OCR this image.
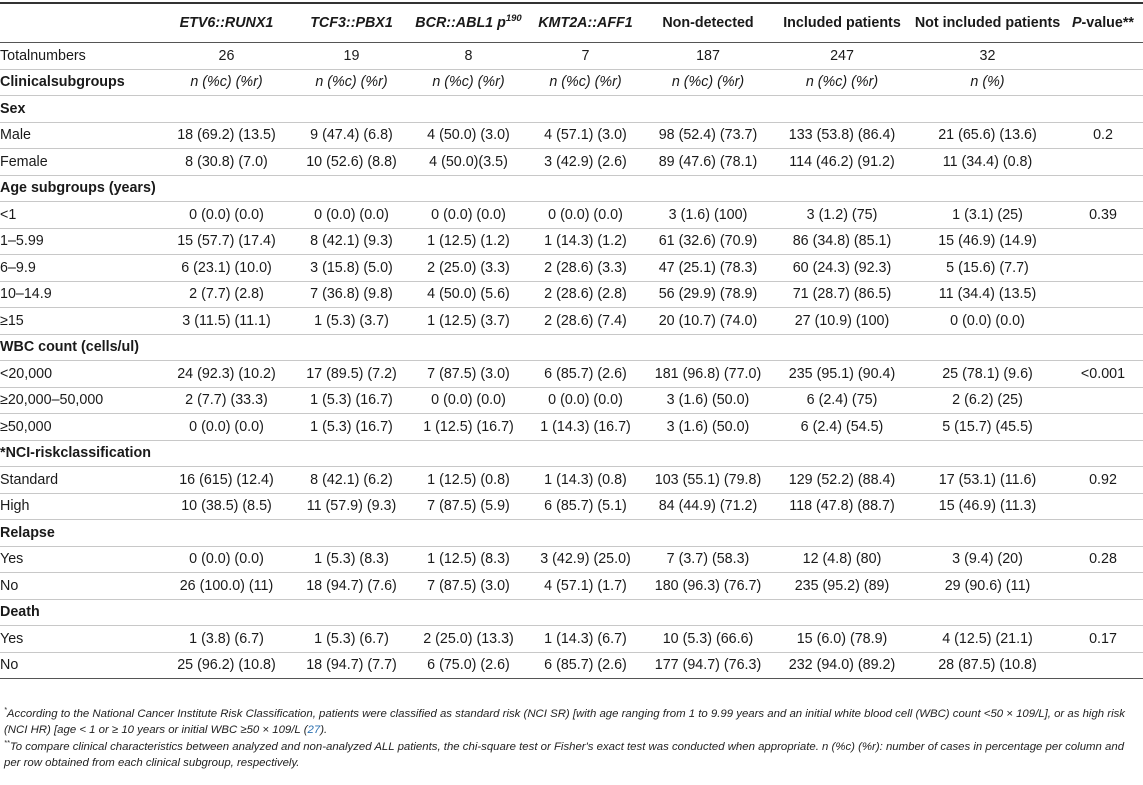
	ETV6::RUNX1	TCF3::PBX1	BCR::ABL1 $p^{190}$	KMT2A::AFF1	Non-detected	Included patients	Not included patients	P-value**
Totalnumbers	26	19	8	7	187	247	32	
Clinicalsubgroups	n (%c) (%r)	n (%c) (%r)	n (%c) (%r)	n (%c) (%r)	n (%c) (%r)	n (%c) (%r)	n (%)	
Sex								
Male	18 (69.2) (13.5)	9 (47.4) (6.8)	4 (50.0) (3.0)	4 (57.1) (3.0)	98 (52.4) (73.7)	133 (53.8) (86.4)	21 (65.6) (13.6)	0.2
Female	8 (30.8) (7.0)	10 (52.6) (8.8)	4 (50.0)(3.5)	3 (42.9) (2.6)	89 (47.6) (78.1)	114 (46.2) (91.2)	11 (34.4) (0.8)	
Age subgroups (years)								
<1	0 (0.0) (0.0)	0 (0.0) (0.0)	0 (0.0) (0.0)	0 (0.0) (0.0)	3 (1.6) (100)	3 (1.2) (75)	1 (3.1) (25)	0.39
1–5.99	15 (57.7) (17.4)	8 (42.1) (9.3)	1 (12.5) (1.2)	1 (14.3) (1.2)	61 (32.6) (70.9)	86 (34.8) (85.1)	15 (46.9) (14.9)	
6–9.9	6 (23.1) (10.0)	3 (15.8) (5.0)	2 (25.0) (3.3)	2 (28.6) (3.3)	47 (25.1) (78.3)	60 (24.3) (92.3)	5 (15.6) (7.7)	
10–14.9	2 (7.7) (2.8)	7 (36.8) (9.8)	4 (50.0) (5.6)	2 (28.6) (2.8)	56 (29.9) (78.9)	71 (28.7) (86.5)	11 (34.4) (13.5)	
≥15	3 (11.5) (11.1)	1 (5.3) (3.7)	1 (12.5) (3.7)	2 (28.6) (7.4)	20 (10.7) (74.0)	27 (10.9) (100)	0 (0.0) (0.0)	
WBC count (cells/ul)								
<20,000	24 (92.3) (10.2)	17 (89.5) (7.2)	7 (87.5) (3.0)	6 (85.7) (2.6)	181 (96.8) (77.0)	235 (95.1) (90.4)	25 (78.1) (9.6)	<0.001
≥20,000–50,000	2 (7.7) (33.3)	1 (5.3) (16.7)	0 (0.0) (0.0)	0 (0.0) (0.0)	3 (1.6) (50.0)	6 (2.4) (75)	2 (6.2) (25)	
≥50,000	0 (0.0) (0.0)	1 (5.3) (16.7)	1 (12.5) (16.7)	1 (14.3) (16.7)	3 (1.6) (50.0)	6 (2.4) (54.5)	5 (15.7) (45.5)	
*NCI-riskclassification								
Standard	16 (615) (12.4)	8 (42.1) (6.2)	1 (12.5) (0.8)	1 (14.3) (0.8)	103 (55.1) (79.8)	129 (52.2) (88.4)	17 (53.1) (11.6)	0.92
High	10 (38.5) (8.5)	11 (57.9) (9.3)	7 (87.5) (5.9)	6 (85.7) (5.1)	84 (44.9) (71.2)	118 (47.8) (88.7)	15 (46.9) (11.3)	
Relapse								
Yes	0 (0.0) (0.0)	1 (5.3) (8.3)	1 (12.5) (8.3)	3 (42.9) (25.0)	7 (3.7) (58.3)	12 (4.8) (80)	3 (9.4) (20)	0.28
No	26 (100.0) (11)	18 (94.7) (7.6)	7 (87.5) (3.0)	4 (57.1) (1.7)	180 (96.3) (76.7)	235 (95.2) (89)	29 (90.6) (11)	
Death								
Yes	1 (3.8) (6.7)	1 (5.3) (6.7)	2 (25.0) (13.3)	1 (14.3) (6.7)	10 (5.3) (66.6)	15 (6.0) (78.9)	4 (12.5) (21.1)	0.17
No	25 (96.2) (10.8)	18 (94.7) (7.7)	6 (75.0) (2.6)	6 (85.7) (2.6)	177 (94.7) (76.3)	232 (94.0) (89.2)	28 (87.5) (10.8)	

*According to the National Cancer Institute Risk Classification, patients were classified as standard risk (NCI SR) [with age ranging from 1 to 9.99 years and an initial white blood cell (WBC) count <50 × 109/L], or as high risk (NCI HR) [age < 1 or ≥ 10 years or initial WBC ≥50 × 109/L (27).

**To compare clinical characteristics between analyzed and non-analyzed ALL patients, the chi-square test or Fisher's exact test was conducted when appropriate. n (%c) (%r): number of cases in percentage per column and per row obtained from each clinical subgroup, respectively.
